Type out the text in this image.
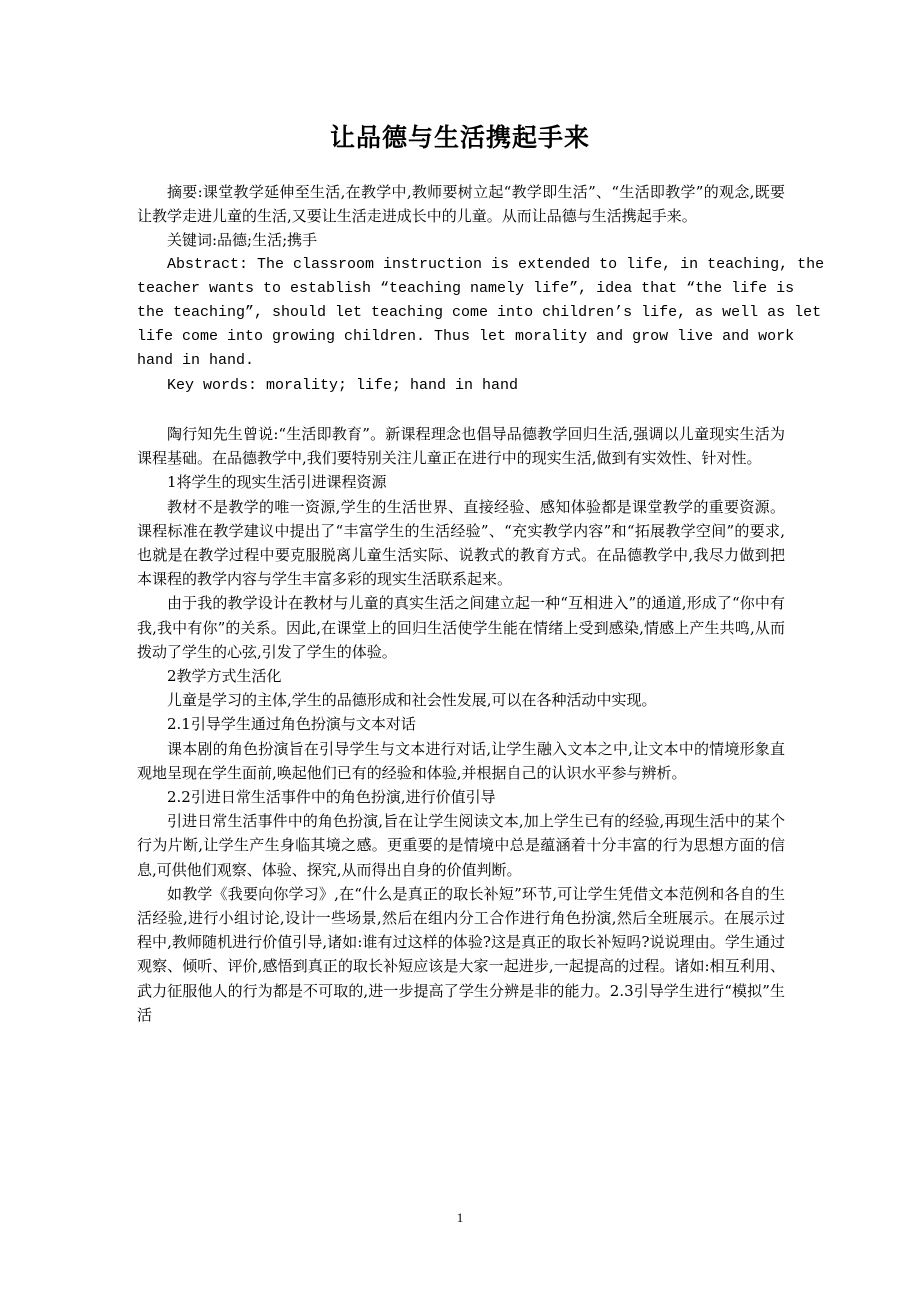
让品德与生活携起手来

摘要:课堂教学延伸至生活,在教学中,教师要树立起“教学即生活”、“生活即教学”的观念,既要让教学走进儿童的生活,又要让生活走进成长中的儿童。从而让品德与生活携起手来。

关键词:品德;生活;携手

Abstract: The classroom instruction is extended to life, in teaching, the teacher wants to establish “teaching namely life”, idea that “the life is the teaching”, should let teaching come into children’s life, as well as let life come into growing children. Thus let morality and grow live and work hand in hand.

Key words: morality; life; hand in hand

陶行知先生曾说:“生活即教育”。新课程理念也倡导品德教学回归生活,强调以儿童现实生活为课程基础。在品德教学中,我们要特别关注儿童正在进行中的现实生活,做到有实效性、针对性。

1将学生的现实生活引进课程资源

教材不是教学的唯一资源,学生的生活世界、直接经验、感知体验都是课堂教学的重要资源。课程标准在教学建议中提出了“丰富学生的生活经验”、“充实教学内容”和“拓展教学空间”的要求,也就是在教学过程中要克服脱离儿童生活实际、说教式的教育方式。在品德教学中,我尽力做到把本课程的教学内容与学生丰富多彩的现实生活联系起来。

由于我的教学设计在教材与儿童的真实生活之间建立起一种“互相进入”的通道,形成了“你中有我,我中有你”的关系。因此,在课堂上的回归生活使学生能在情绪上受到感染,情感上产生共鸣,从而拨动了学生的心弦,引发了学生的体验。

2教学方式生活化

儿童是学习的主体,学生的品德形成和社会性发展,可以在各种活动中实现。

2.1引导学生通过角色扮演与文本对话

课本剧的角色扮演旨在引导学生与文本进行对话,让学生融入文本之中,让文本中的情境形象直观地呈现在学生面前,唤起他们已有的经验和体验,并根据自己的认识水平参与辨析。

2.2引进日常生活事件中的角色扮演,进行价值引导

引进日常生活事件中的角色扮演,旨在让学生阅读文本,加上学生已有的经验,再现生活中的某个行为片断,让学生产生身临其境之感。更重要的是情境中总是蕴涵着十分丰富的行为思想方面的信息,可供他们观察、体验、探究,从而得出自身的价值判断。

如教学《我要向你学习》,在“什么是真正的取长补短”环节,可让学生凭借文本范例和各自的生活经验,进行小组讨论,设计一些场景,然后在组内分工合作进行角色扮演,然后全班展示。在展示过程中,教师随机进行价值引导,诸如:谁有过这样的体验?这是真正的取长补短吗?说说理由。学生通过观察、倾听、评价,感悟到真正的取长补短应该是大家一起进步,一起提高的过程。诸如:相互利用、武力征服他人的行为都是不可取的,进一步提高了学生分辨是非的能力。2.3引导学生进行“模拟”生活

1
